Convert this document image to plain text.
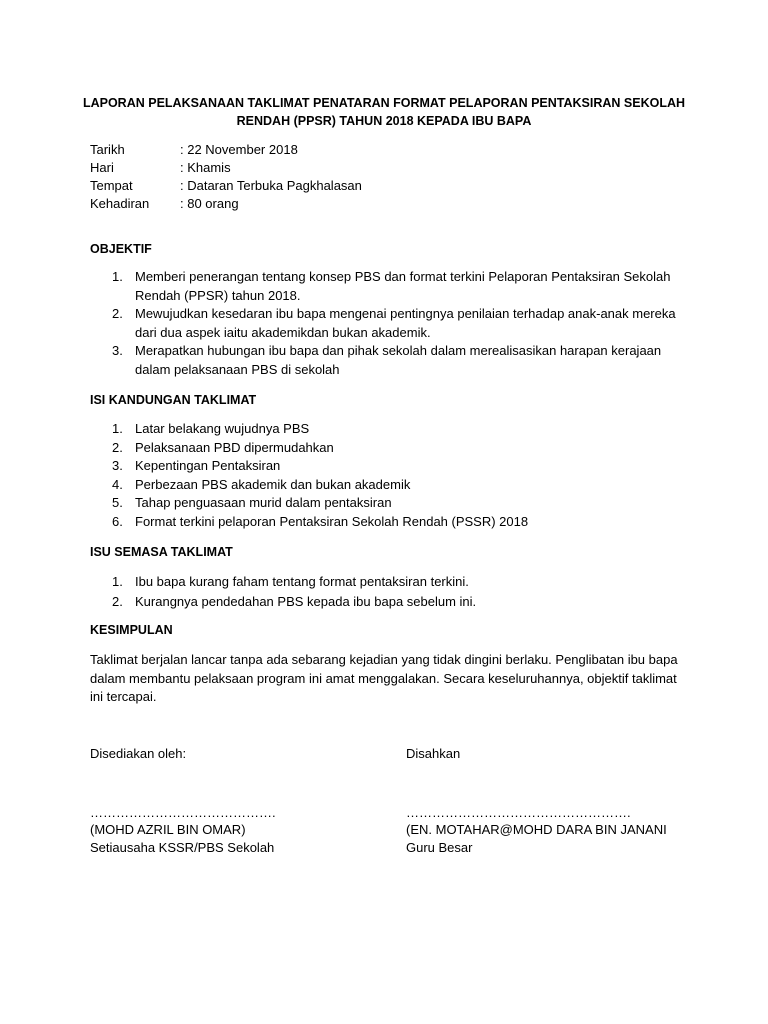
LAPORAN PELAKSANAAN TAKLIMAT PENATARAN FORMAT PELAPORAN PENTAKSIRAN SEKOLAH
RENDAH (PPSR) TAHUN 2018 KEPADA IBU BAPA
Tarikh	: 22 November 2018
Hari	: Khamis
Tempat	: Dataran Terbuka Pagkhalasan
Kehadiran : 80 orang
OBJEKTIF
1. Memberi penerangan tentang konsep PBS dan format terkini Pelaporan Pentaksiran Sekolah
Rendah (PPSR) tahun 2018.
2. Mewujudkan kesedaran ibu bapa mengenai pentingnya penilaian terhadap anak-anak mereka
dari dua aspek iaitu akademikdan bukan akademik.
3. Merapatkan hubungan ibu bapa dan pihak sekolah dalam merealisasikan harapan kerajaan
dalam pelaksanaan PBS di sekolah
ISI KANDUNGAN TAKLIMAT
1. Latar belakang wujudnya PBS
2. Pelaksanaan PBD dipermudahkan
3. Kepentingan Pentaksiran
4. Perbezaan PBS akademik dan bukan akademik
5. Tahap penguasaan murid dalam pentaksiran
6. Format terkini pelaporan Pentaksiran Sekolah Rendah (PSSR) 2018
ISU SEMASA TAKLIMAT
1. Ibu bapa kurang faham tentang format pentaksiran terkini.
2. Kurangnya pendedahan PBS kepada ibu bapa sebelum ini.
KESIMPULAN
Taklimat berjalan lancar tanpa ada sebarang kejadian yang tidak dingini berlaku. Penglibatan ibu bapa
dalam membantu pelaksaan program ini amat menggalakan. Secara keseluruhannya, objektif taklimat
ini tercapai.
Disediakan oleh:	Disahkan
…………………………………….	…………………………………………….
(MOHD AZRIL BIN OMAR)	(EN. MOTAHAR@MOHD DARA BIN JANANI
Setiausaha KSSR/PBS Sekolah	Guru Besar
